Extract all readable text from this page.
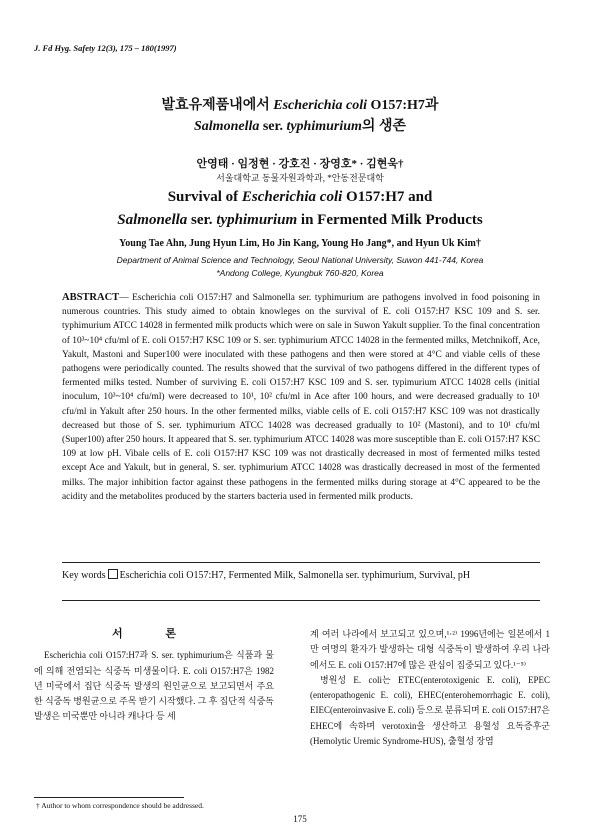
J. Fd Hyg. Safety 12(3), 175 – 180(1997)
발효유제품내에서 Escherichia coli O157:H7과
Salmonella ser. typhimurium의 생존
안영태 · 임정현 · 강호진 · 장영호* · 김현욱†
서울대학교 동물자원과학과, *안동전문대학
Survival of Escherichia coli O157:H7 and
Salmonella ser. typhimurium in Fermented Milk Products
Young Tae Ahn, Jung Hyun Lim, Ho Jin Kang, Young Ho Jang*, and Hyun Uk Kim†
Department of Animal Science and Technology, Seoul National University, Suwon 441-744, Korea
*Andong College, Kyungbuk 760-820, Korea
ABSTRACT— Escherichia coli O157:H7 and Salmonella ser. typhimurium are pathogens involved in food poisoning in numerous countries. This study aimed to obtain knowleges on the survival of E. coli O157:H7 KSC 109 and S. ser. typhimurium ATCC 14028 in fermented milk products which were on sale in Suwon Yakult supplier. To the final concentration of 10³~10⁴ cfu/ml of E. coli O157:H7 KSC 109 or S. ser. typhimurium ATCC 14028 in the fermented milks, Metchnikoff, Ace, Yakult, Mastoni and Super100 were inoculated with these pathogens and then were stored at 4°C and viable cells of these pathogens were periodically counted. The results showed that the survival of two pathogens differed in the different types of fermented milks tested. Number of surviving E. coli O157:H7 KSC 109 and S. ser. typimurium ATCC 14028 cells (initial inoculum, 10³~10⁴ cfu/ml) were decreased to 10¹, 10² cfu/ml in Ace after 100 hours, and were decreased gradually to 10¹ cfu/ml in Yakult after 250 hours. In the other fermented milks, viable cells of E. coli O157:H7 KSC 109 was not drastically decreased but those of S. ser. typhimurium ATCC 14028 was decreased gradually to 10² (Mastoni), and to 10¹ cfu/ml (Super100) after 250 hours. It appeared that S. ser. typhimurium ATCC 14028 was more susceptible than E. coli O157:H7 KSC 109 at low pH. Vibale cells of E. coli O157:H7 KSC 109 was not drastically decreased in most of fermented milks tested except Ace and Yakult, but in general, S. ser. typhimurium ATCC 14028 was drastically decreased in most of the fermented milks. The major inhibition factor against these pathogens in the fermented milks during storage at 4°C appeared to be the acidity and the metabolites produced by the starters bacteria used in fermented milk products.
Key words Escherichia coli O157:H7, Fermented Milk, Salmonella ser. typhimurium, Survival, pH
서 론

Escherichia coli O157:H7과 S. ser. typhimurium은 식품과 물에 의해 전염되는 식중독 미생물이다. E. coli O157:H7은 1982년 미국에서 집단 식중독 발생의 원인균으로 보고되면서 주요한 식중독 병원균으로 주목 받기 시작했다. 그 후 집단적 식중독 발생은 미국뿐만 아니라 캐나다 등 세

계 여러 나라에서 보고되고 있으며,¹·²⁾ 1996년에는 일본에서 1만 여명의 환자가 발생하는 대형 식중독이 발생하여 우리 나라에서도 E. coli O157:H7에 많은 관심이 집중되고 있다.¹⁻⁵⁾

병원성 E. coli는 ETEC(enterotoxigenic E. coli), EPEC (enteropathogenic E. coli), EHEC(enterohemorrhagic E. coli), EIEC(enteroinvasive E. coli) 등으로 분류되며 E. coli O157:H7은 EHEC에 속하며 verotoxin을 생산하고 용혈성 요독증후군(Hemolytic Uremic Syndrome-HUS), 출혈성 장염

† Author to whom correspondence should be addressed.
175
